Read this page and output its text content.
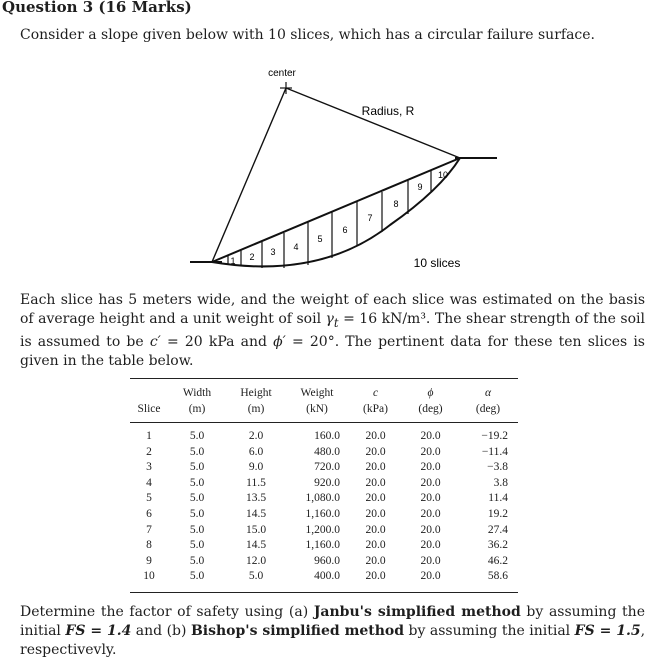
Question 3 (16 Marks)
Consider a slope given below with 10 slices, which has a circular failure surface.
center
Radius, R
10 slices
1 2 3 4
5
6
7
8
9
10
Each slice has 5 meters wide, and the weight of each slice was estimated on the basis of average height and a unit weight of soil $\gamma_t = 16$ kN/m³. The shear strength of the soil is assumed to be c′ = 20 kPa and ϕ′ = 20°. The pertinent data for these ten slices is given in the table below.
	Width	Height	Weight	c	ϕ	α
Slice	(m)	(m)	(kN)	(kPa)	(deg)	(deg)
1	5.0	2.0	160.0	20.0	20.0	−19.2
2	5.0	6.0	480.0	20.0	20.0	−11.4
3	5.0	9.0	720.0	20.0	20.0	−3.8
4	5.0	11.5	920.0	20.0	20.0	3.8
5	5.0	13.5	1,080.0	20.0	20.0	11.4
6	5.0	14.5	1,160.0	20.0	20.0	19.2
7	5.0	15.0	1,200.0	20.0	20.0	27.4
8	5.0	14.5	1,160.0	20.0	20.0	36.2
9	5.0	12.0	960.0	20.0	20.0	46.2
10	5.0	5.0	400.0	20.0	20.0	58.6
Determine the factor of safety using (a) Janbu's simplified method by assuming the initial FS = 1.4 and (b) Bishop's simplified method by assuming the initial FS = 1.5, respectivevly.
